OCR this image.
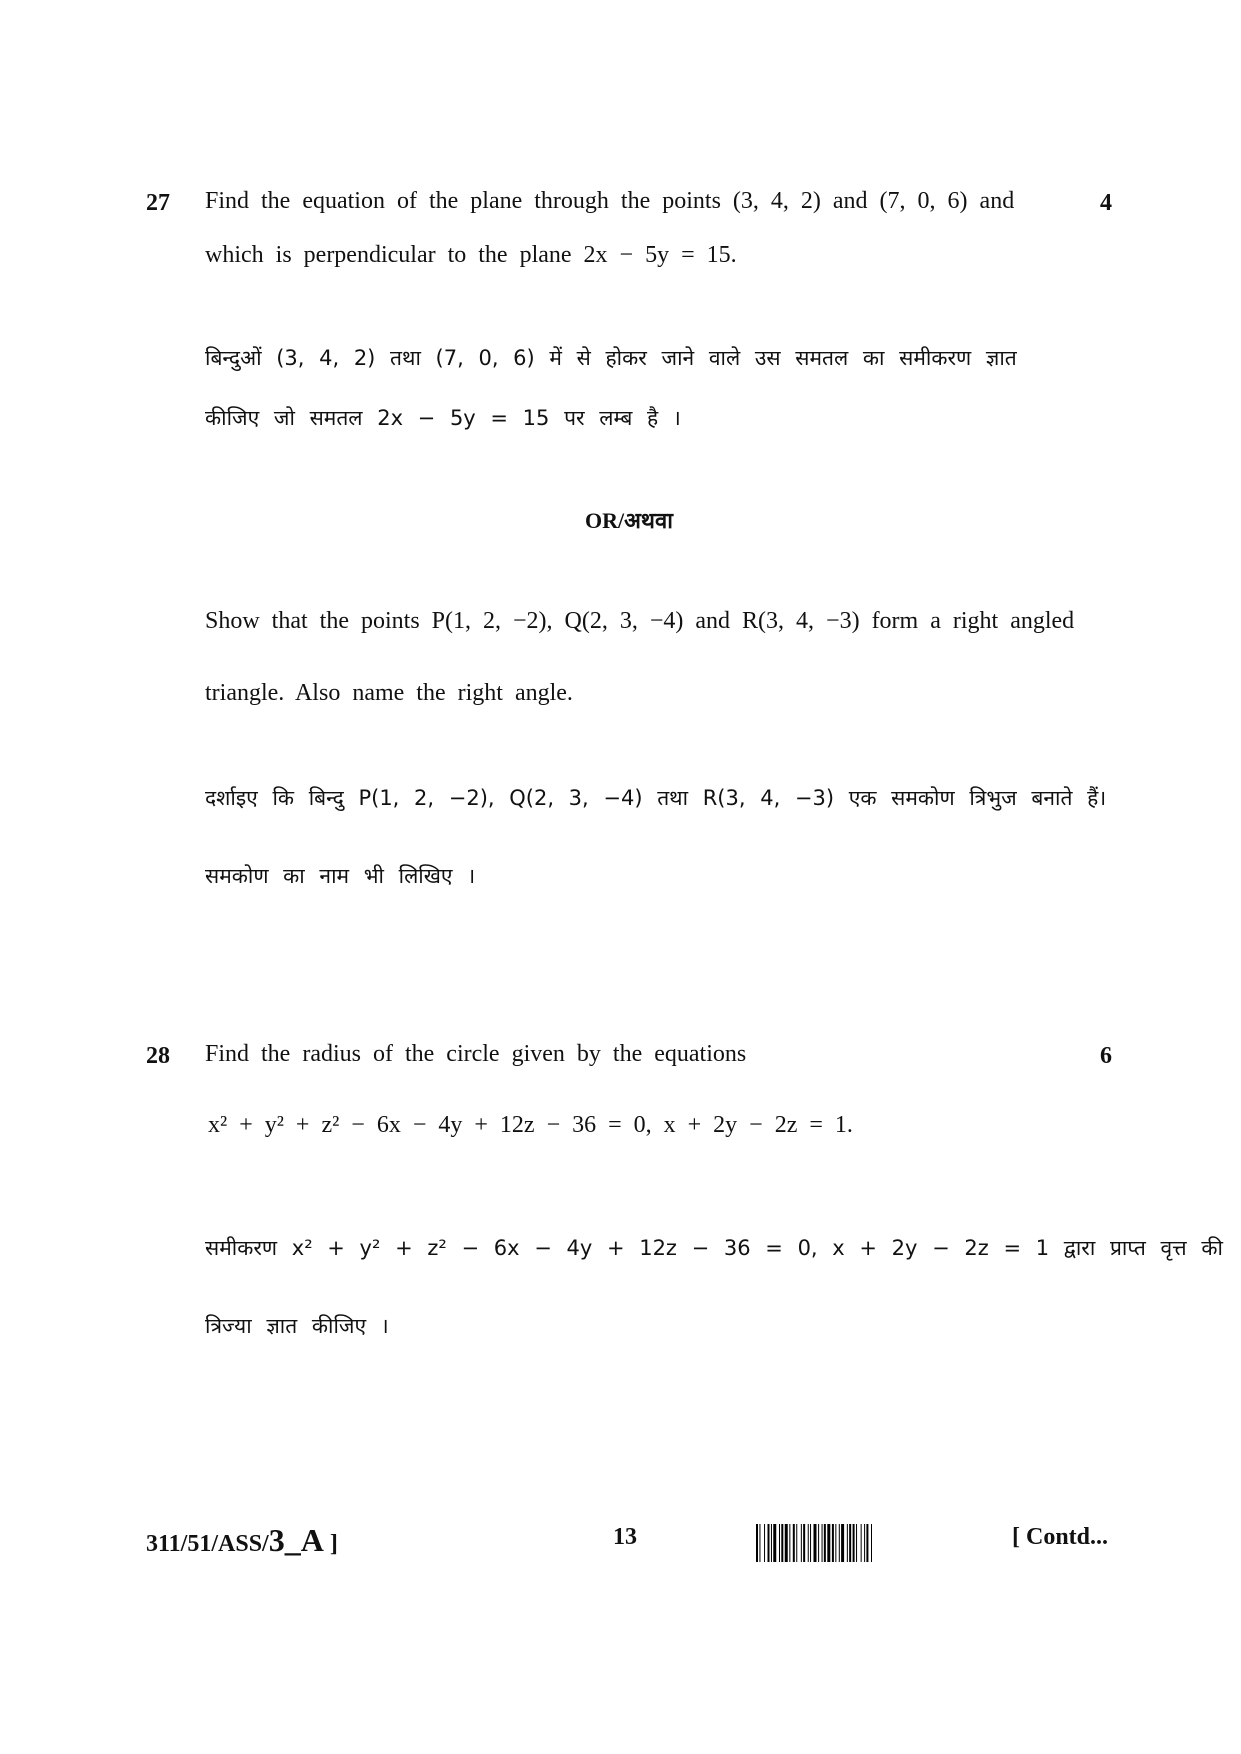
27	4
Find the equation of the plane through the points (3, 4, 2) and (7, 0, 6) and
which is perpendicular to the plane 2x − 5y = 15.
बिन्दुओं (3, 4, 2) तथा (7, 0, 6) में से होकर जाने वाले उस समतल का समीकरण ज्ञात
कीजिए जो समतल 2x − 5y = 15 पर लम्ब है ।
OR/अथवा
Show that the points P(1, 2, −2), Q(2, 3, −4) and R(3, 4, −3) form a right angled
triangle. Also name the right angle.
दर्शाइए कि बिन्दु P(1, 2, −2), Q(2, 3, −4) तथा R(3, 4, −3) एक समकोण त्रिभुज बनाते हैं।
समकोण का नाम भी लिखिए ।
28	6
Find the radius of the circle given by the equations
x² + y² + z² − 6x − 4y + 12z − 36 = 0, x + 2y − 2z = 1.
समीकरण x² + y² + z² − 6x − 4y + 12z − 36 = 0, x + 2y − 2z = 1 द्वारा प्राप्त वृत्त की
त्रिज्या ज्ञात कीजिए ।
311/51/ASS/3_A ]	13	[ Contd...
